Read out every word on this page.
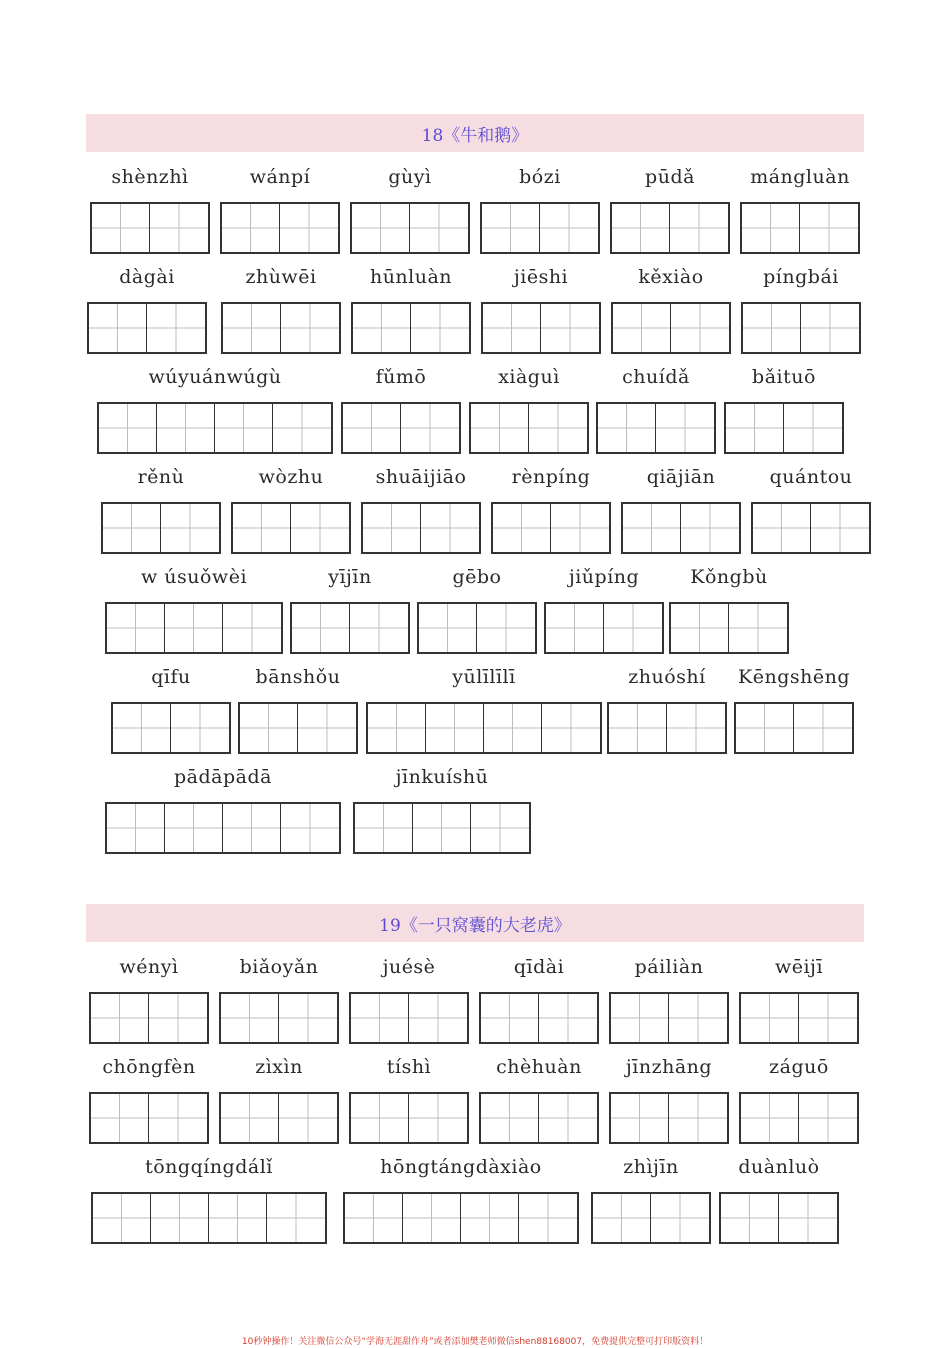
18《牛和鹅》
19《一只窝囊的大老虎》
shènzhì	wánpí	gùyì	bózi	pūdǎ	mángluàn
dàgài	zhùwēi	hūnluàn	jiēshi	kěxiào	píngbái
wúyuánwúgù	fǔmō	xiàguì	chuídǎ	bǎituō
rěnù	wòzhu	shuāijiāo	rènpíng	qiājiān	quántou
w úsuǒwèi	yījīn	gēbo	jiǔpíng	Kǒngbù
qīfu	bānshǒu	yūlīlīlī	zhuóshí	Kēngshēng
pādāpādā	jīnkuíshū
wényì	biǎoyǎn	juésè	qīdài	páiliàn	wēijī
chōngfèn	zìxìn	tíshì	chèhuàn	jīnzhāng	záguō
tōngqíngdálǐ	hōngtángdàxiào	zhìjīn	duànluò
10秒钟操作！关注微信公众号“学海无涯甜作舟”或者添加樊老师微信shen88168007，免费提供完整可打印版资料！
